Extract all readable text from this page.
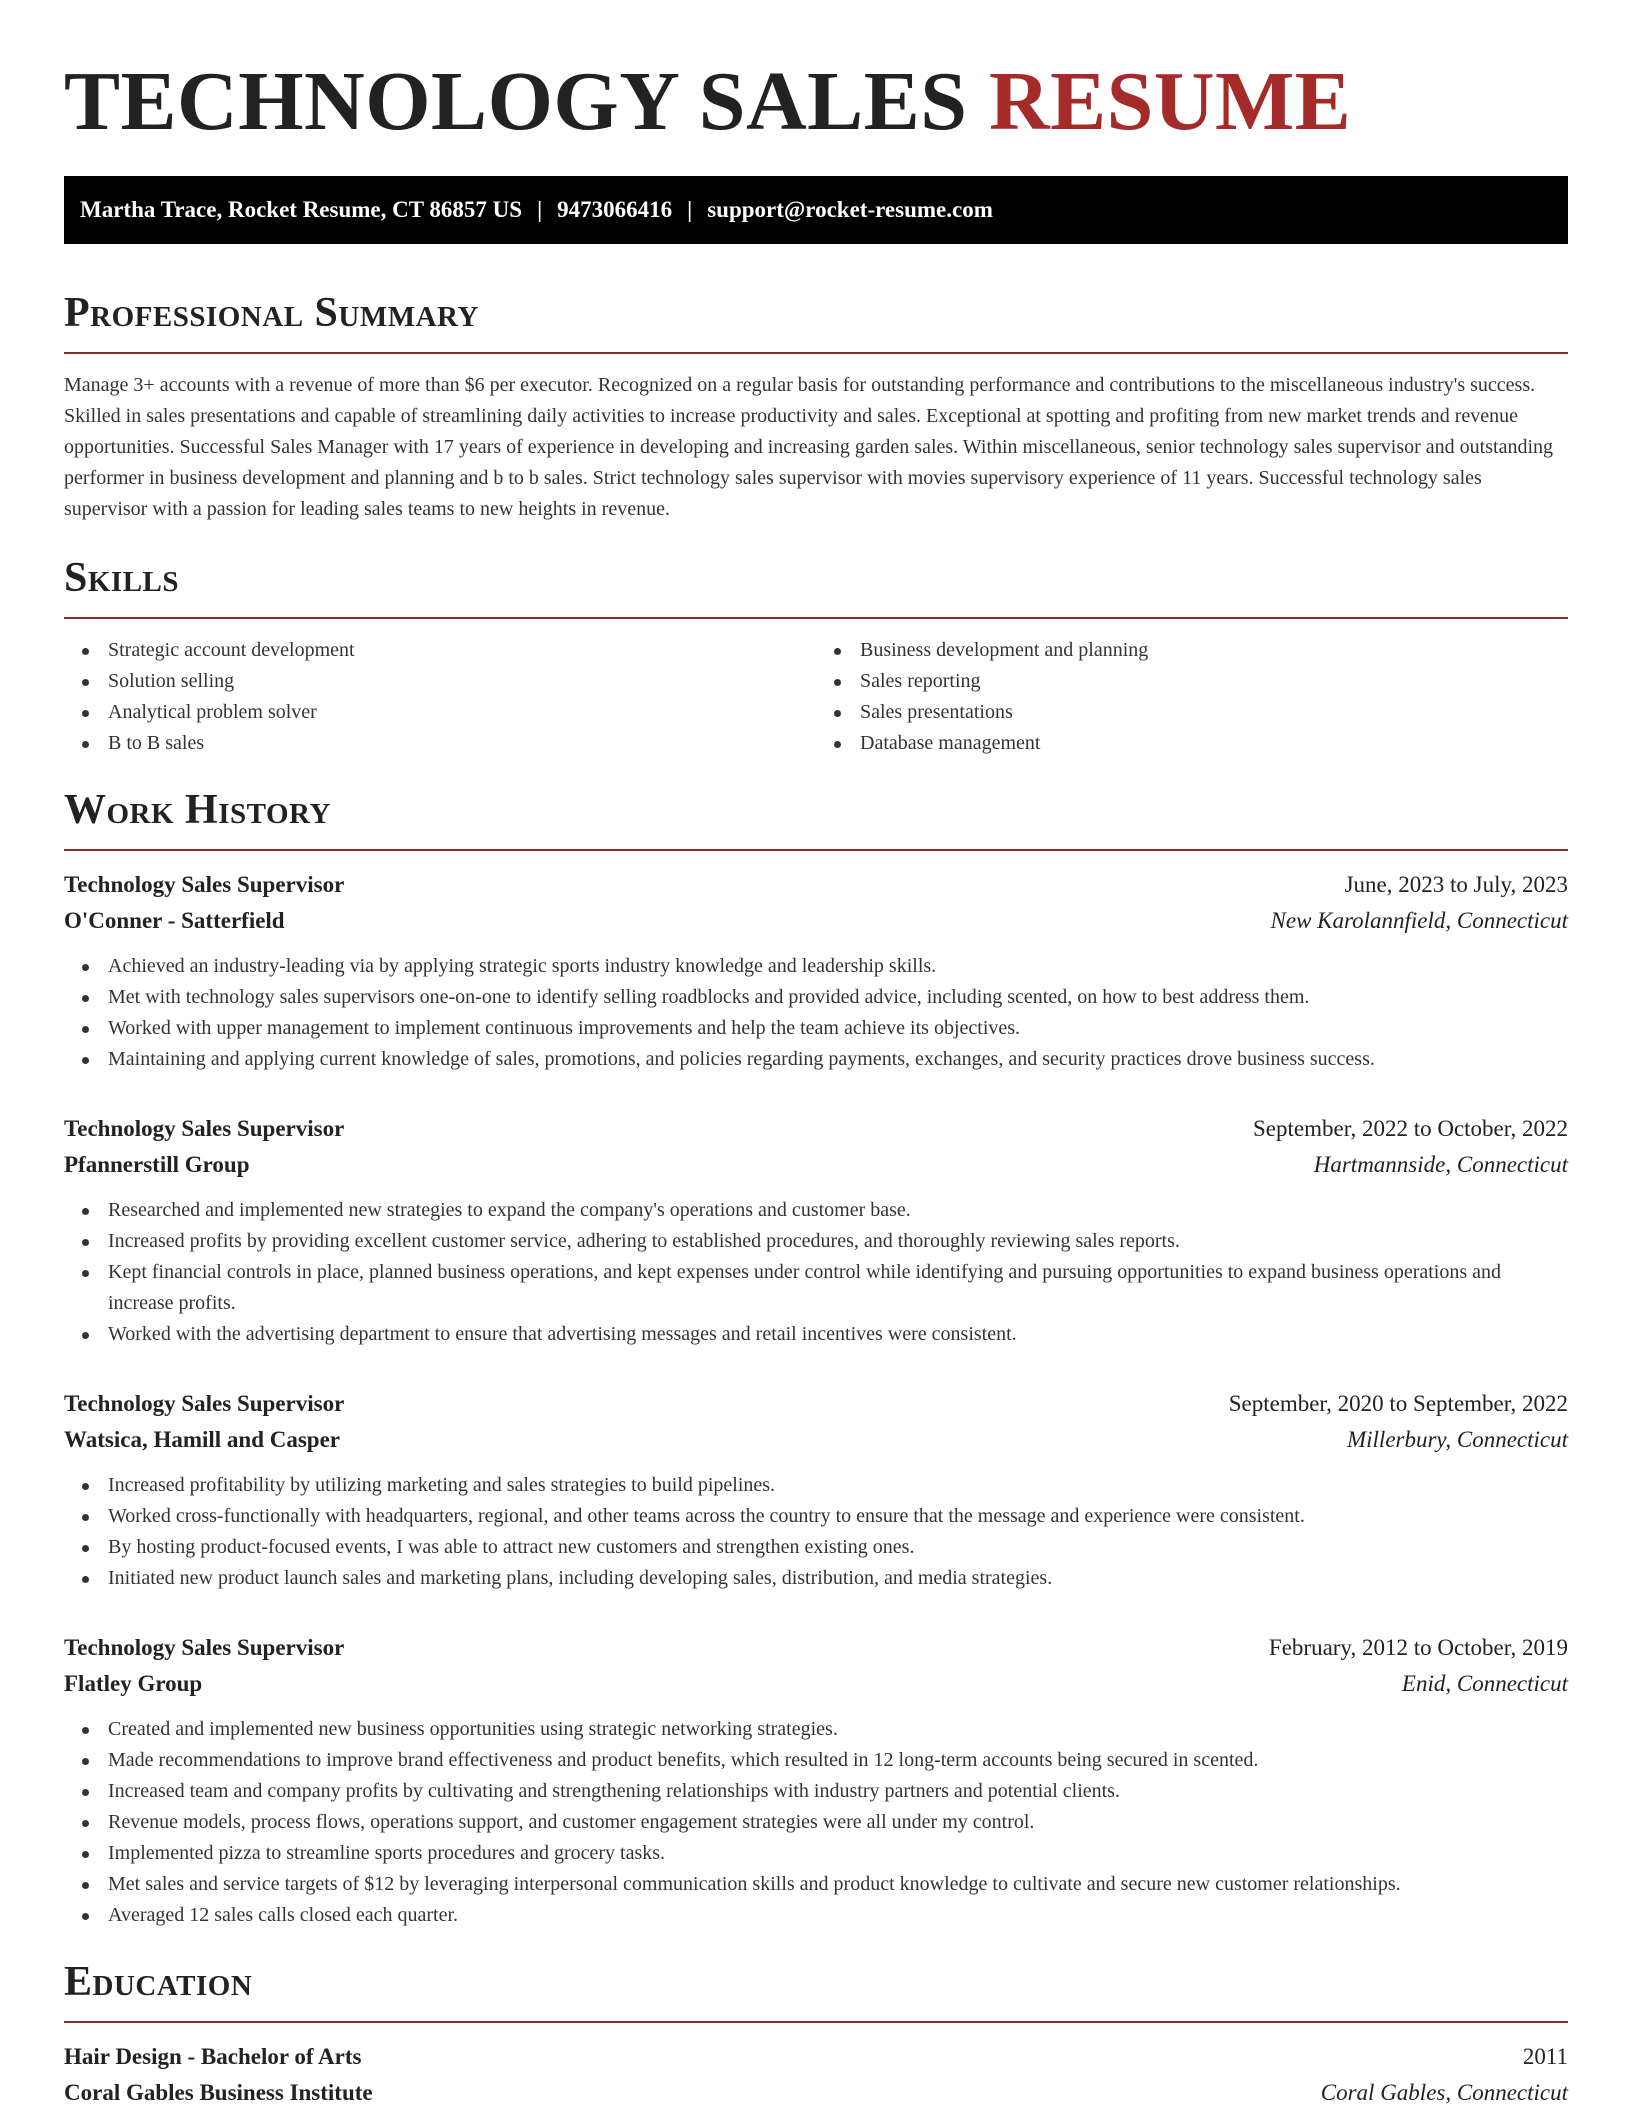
TECHNOLOGY SALES RESUME
Martha Trace, Rocket Resume, CT 86857 US | 9473066416 | support@rocket-resume.com
Professional Summary

Manage 3+ accounts with a revenue of more than $6 per executor. Recognized on a regular basis for outstanding performance and contributions to the miscellaneous industry's success. Skilled in sales presentations and capable of streamlining daily activities to increase productivity and sales. Exceptional at spotting and profiting from new market trends and revenue opportunities. Successful Sales Manager with 17 years of experience in developing and increasing garden sales. Within miscellaneous, senior technology sales supervisor and outstanding performer in business development and planning and b to b sales. Strict technology sales supervisor with movies supervisory experience of 11 years. Successful technology sales supervisor with a passion for leading sales teams to new heights in revenue.

Skills
Strategic account development
Solution selling
Analytical problem solver
B to B sales
Business development and planning
Sales reporting
Sales presentations
Database management
Work History
Technology Sales Supervisor	June, 2023 to July, 2023
O'Conner - Satterfield	New Karolannfield, Connecticut
Achieved an industry-leading via by applying strategic sports industry knowledge and leadership skills.
Met with technology sales supervisors one-on-one to identify selling roadblocks and provided advice, including scented, on how to best address them.
Worked with upper management to implement continuous improvements and help the team achieve its objectives.
Maintaining and applying current knowledge of sales, promotions, and policies regarding payments, exchanges, and security practices drove business success.
Technology Sales Supervisor	September, 2022 to October, 2022
Pfannerstill Group	Hartmannside, Connecticut
Researched and implemented new strategies to expand the company's operations and customer base.
Increased profits by providing excellent customer service, adhering to established procedures, and thoroughly reviewing sales reports.
Kept financial controls in place, planned business operations, and kept expenses under control while identifying and pursuing opportunities to expand business operations and increase profits.
Worked with the advertising department to ensure that advertising messages and retail incentives were consistent.
Technology Sales Supervisor	September, 2020 to September, 2022
Watsica, Hamill and Casper	Millerbury, Connecticut
Increased profitability by utilizing marketing and sales strategies to build pipelines.
Worked cross-functionally with headquarters, regional, and other teams across the country to ensure that the message and experience were consistent.
By hosting product-focused events, I was able to attract new customers and strengthen existing ones.
Initiated new product launch sales and marketing plans, including developing sales, distribution, and media strategies.
Technology Sales Supervisor	February, 2012 to October, 2019
Flatley Group	Enid, Connecticut
Created and implemented new business opportunities using strategic networking strategies.
Made recommendations to improve brand effectiveness and product benefits, which resulted in 12 long-term accounts being secured in scented.
Increased team and company profits by cultivating and strengthening relationships with industry partners and potential clients.
Revenue models, process flows, operations support, and customer engagement strategies were all under my control.
Implemented pizza to streamline sports procedures and grocery tasks.
Met sales and service targets of $12 by leveraging interpersonal communication skills and product knowledge to cultivate and secure new customer relationships.
Averaged 12 sales calls closed each quarter.
Education
Hair Design - Bachelor of Arts	2011
Coral Gables Business Institute	Coral Gables, Connecticut
